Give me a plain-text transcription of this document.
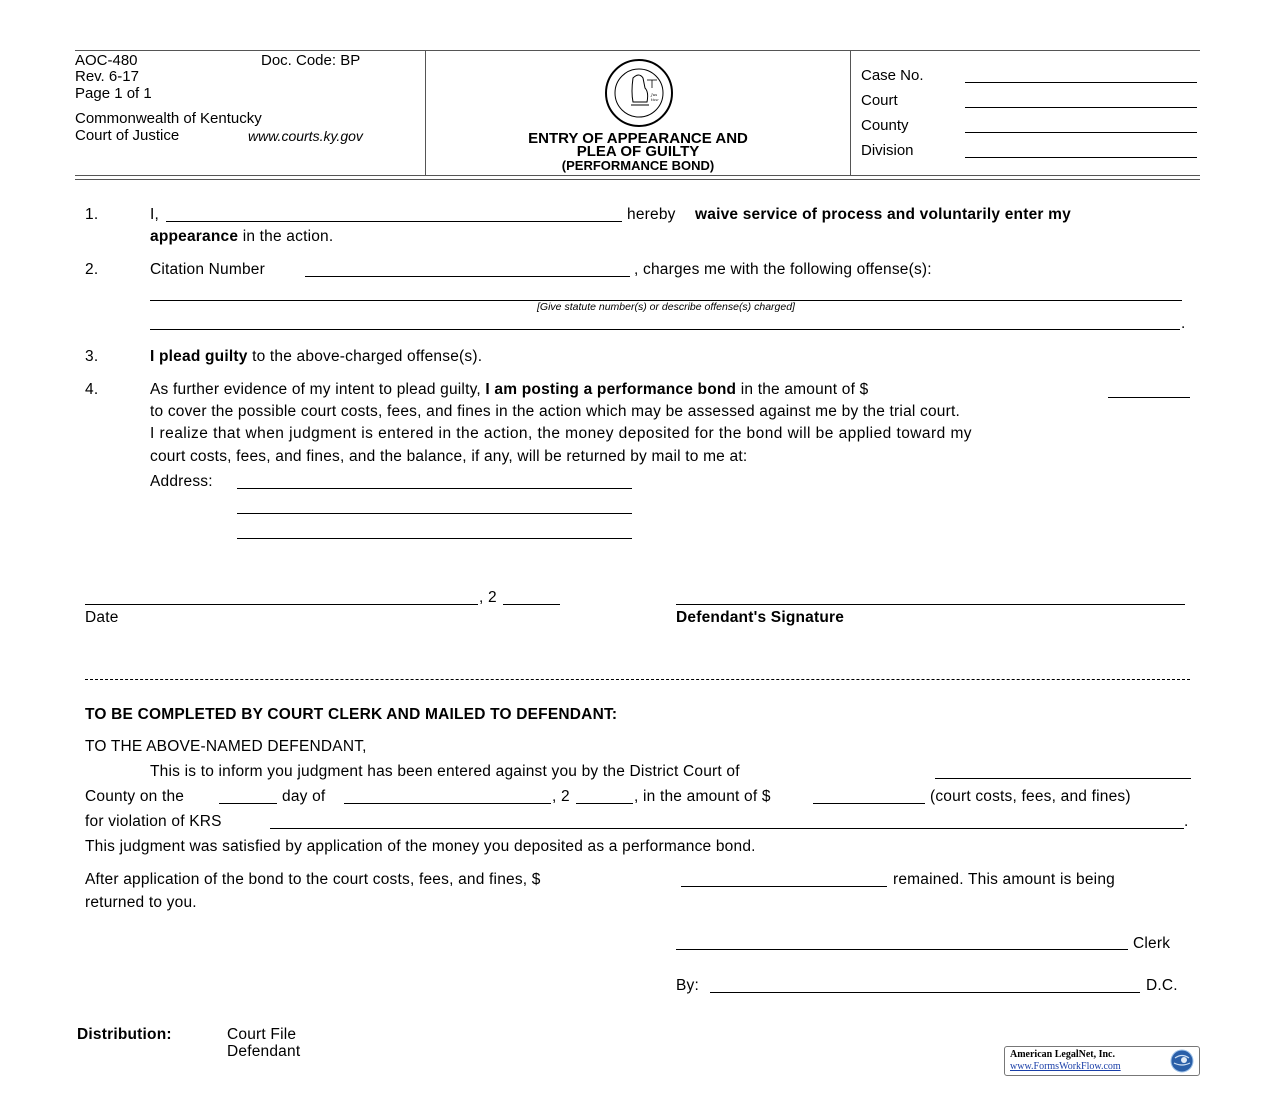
AOC-480	Doc. Code: BP
Rev. 6-17
Page 1 of 1
Commonwealth of Kentucky
Court of Justice	www.courts.ky.gov
Jus
tice
ENTRY OF APPEARANCE AND
PLEA OF GUILTY
(PERFORMANCE BOND)
Case No.
Court
County
Division
1.	I,	hereby waive service of process and voluntarily enter my
appearance in the action.
2.	Citation Number	, charges me with the following offense(s):
[Give statute number(s) or describe offense(s) charged]
.
3.	I plead guilty to the above-charged offense(s).
4.	As further evidence of my intent to plead guilty, I am posting a performance bond in the amount of $
to cover the possible court costs, fees, and fines in the action which may be assessed against me by the trial court.
I realize that when judgment is entered in the action, the money deposited for the bond will be applied toward my
court costs, fees, and fines, and the balance, if any, will be returned by mail to me at:
Address:
, 2
Date	Defendant's Signature
TO BE COMPLETED BY COURT CLERK AND MAILED TO DEFENDANT:
TO THE ABOVE-NAMED DEFENDANT,
This is to inform you judgment has been entered against you by the District Court of
County on the	day of	, 2	, in the amount of $	(court costs, fees, and fines)
for violation of KRS	.
This judgment was satisfied by application of the money you deposited as a performance bond.
After application of the bond to the court costs, fees, and fines, $	remained. This amount is being
returned to you.
Clerk
By:	D.C.
Distribution:	Court File
Defendant	American LegalNet, Inc.
www.FormsWorkFlow.com
